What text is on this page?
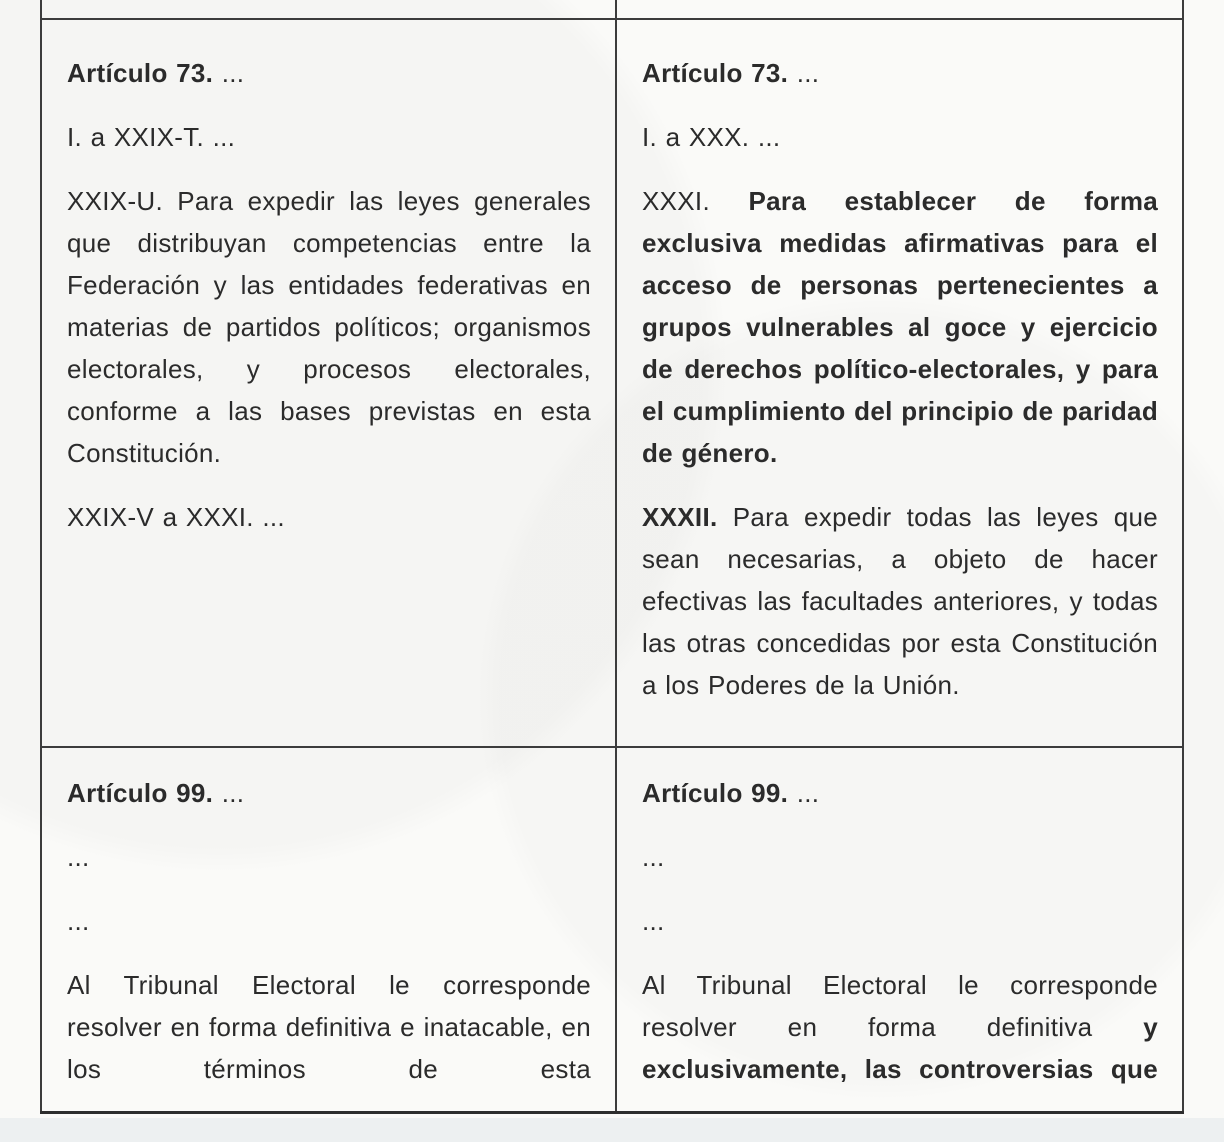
Artículo 73. ...

I. a XXIX-T. ...

XXIX-U. Para expedir las leyes generales que distribuyan competencias entre la Federación y las entidades federativas en materias de partidos políticos; organismos electorales, y procesos electorales, conforme a las bases previstas en esta Constitución.

XXIX-V a XXXI. ...

Artículo 73. ...

I. a XXX. ...

XXXI. Para establecer de forma exclusiva medidas afirmativas para el acceso de personas pertenecientes a grupos vulnerables al goce y ejercicio de derechos político-electorales, y para el cumplimiento del principio de paridad de género.

XXXII. Para expedir todas las leyes que sean necesarias, a objeto de hacer efectivas las facultades anteriores, y todas las otras concedidas por esta Constitución a los Poderes de la Unión.

Artículo 99. ...

...

...

Al Tribunal Electoral le corresponde resolver en forma definitiva e inatacable, en los términos de esta

Artículo 99. ...

...

...

Al Tribunal Electoral le corresponde resolver en forma definitiva y exclusivamente, las controversias que
